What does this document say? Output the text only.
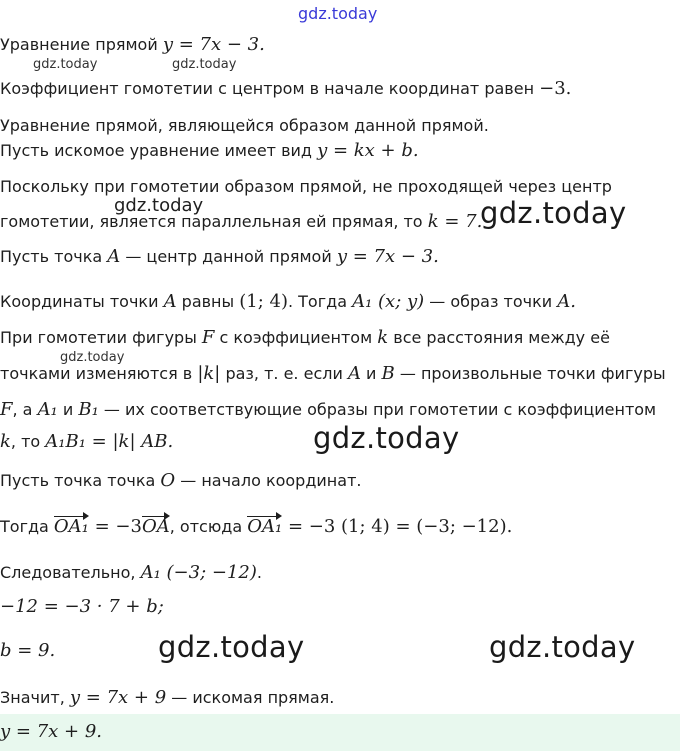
gdz.today
gdz.today	gdz.today
gdz.today
gdz.today
gdz.today
gdz.today
gdz.today	gdz.today
Уравнение прямой y = 7x − 3.
Коэффициент гомотетии с центром в начале координат равен −3.
Уравнение прямой, являющейся образом данной прямой.
Пусть искомое уравнение имеет вид y = kx + b.
Поскольку при гомотетии образом прямой, не проходящей через центр
гомотетии, является параллельная ей прямая, то k = 7.
Пусть точка A — центр данной прямой y = 7x − 3.
Координаты точки A равны (1; 4). Тогда A₁ (x; y) — образ точки A.
При гомотетии фигуры F с коэффициентом k все расстояния между её
точками изменяются в |k| раз, т. е. если A и B — произвольные точки фигуры
F, а A₁ и B₁ — их соответствующие образы при гомотетии с коэффициентом
k, то A₁B₁ = |k| AB.
Пусть точка точка O — начало координат.
Тогда OA₁ = −3OA, отсюда OA₁ = −3 (1; 4) = (−3; −12).
Следовательно, A₁ (−3; −12).
−12 = −3 · 7 + b;
b = 9.
Значит, y = 7x + 9 — искомая прямая.
y = 7x + 9.
